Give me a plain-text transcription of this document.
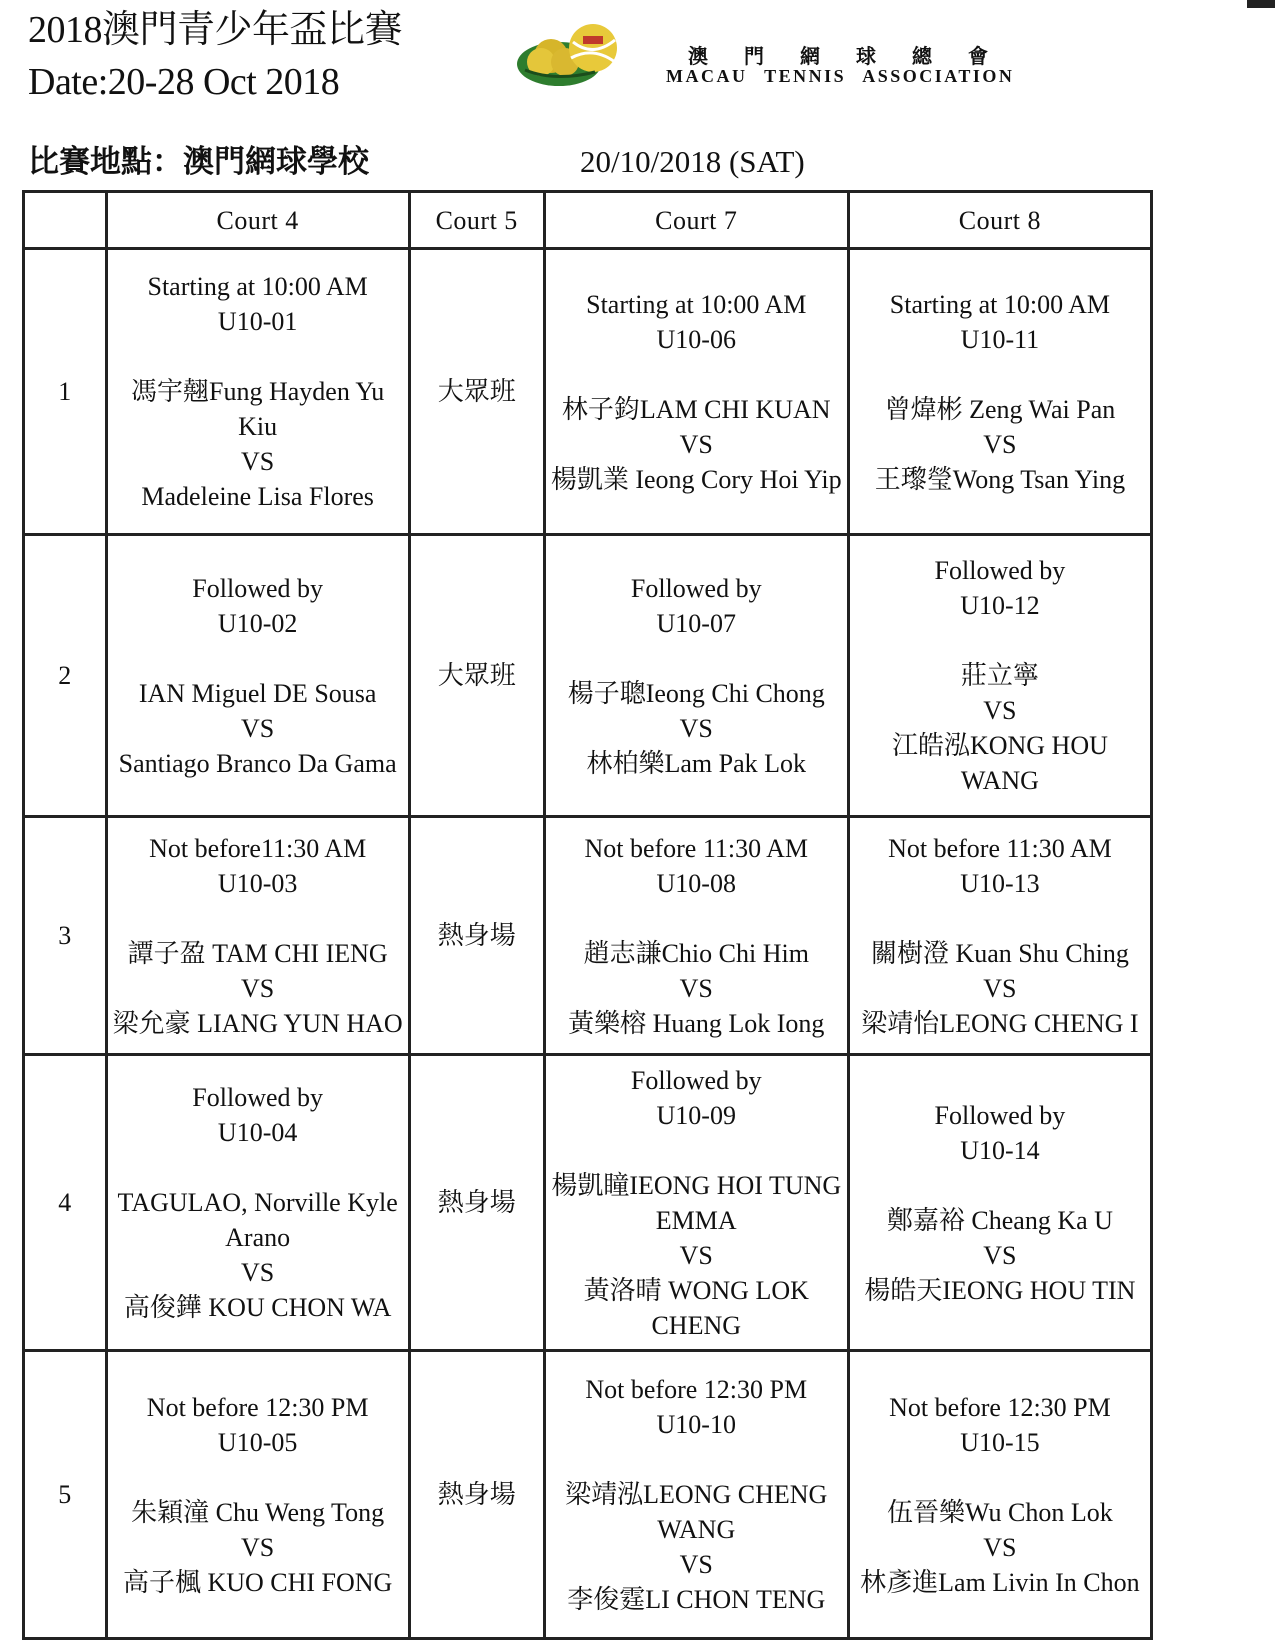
2018澳門青少年盃比賽
Date:20-28 Oct 2018
澳門網球總會
MACAU TENNIS ASSOCIATION
比賽地點：澳門網球學校	20/10/2018 (SAT)
	Court 4	Court 5	Court 7	Court 8
1	Starting at 10:00 AM
U10-01
馮宇翹Fung Hayden Yu Kiu
VS
Madeleine Lisa Flores	大眾班	Starting at 10:00 AM
U10-06
林子鈞LAM CHI KUAN
VS
楊凱業 Ieong Cory Hoi Yip	Starting at 10:00 AM
U10-11
曾煒彬 Zeng Wai Pan
VS
王瓈瑩Wong Tsan Ying

2	Followed by
U10-02
IAN Miguel DE Sousa
VS
Santiago Branco Da Gama	大眾班	Followed by
U10-07
楊子聰Ieong Chi Chong
VS
林柏樂Lam Pak Lok	Followed by
U10-12
莊立寧
VS
江皓泓KONG HOU WANG

3	Not before11:30 AM
U10-03
譚子盈 TAM CHI IENG
VS
梁允豪 LIANG YUN HAO	熱身場	Not before 11:30 AM
U10-08
趙志謙Chio Chi Him
VS
黃樂榕 Huang Lok Iong	Not before 11:30 AM
U10-13
關樹澄 Kuan Shu Ching
VS
梁靖怡LEONG CHENG I

4	Followed by
U10-04
TAGULAO, Norville Kyle Arano
VS
高俊鏵 KOU CHON WA	熱身場	Followed by
U10-09
楊凱瞳IEONG HOI TUNG EMMA
VS
黃洛晴 WONG LOK CHENG	Followed by
U10-14
鄭嘉裕 Cheang Ka U
VS
楊皓天IEONG HOU TIN

5	Not before 12:30 PM
U10-05
朱穎潼 Chu Weng Tong
VS
高子楓 KUO CHI FONG	熱身場	Not before 12:30 PM
U10-10
梁靖泓LEONG CHENG WANG
VS
李俊霆LI CHON TENG	Not before 12:30 PM
U10-15
伍晉樂Wu Chon Lok
VS
林彥進Lam Livin In Chon
